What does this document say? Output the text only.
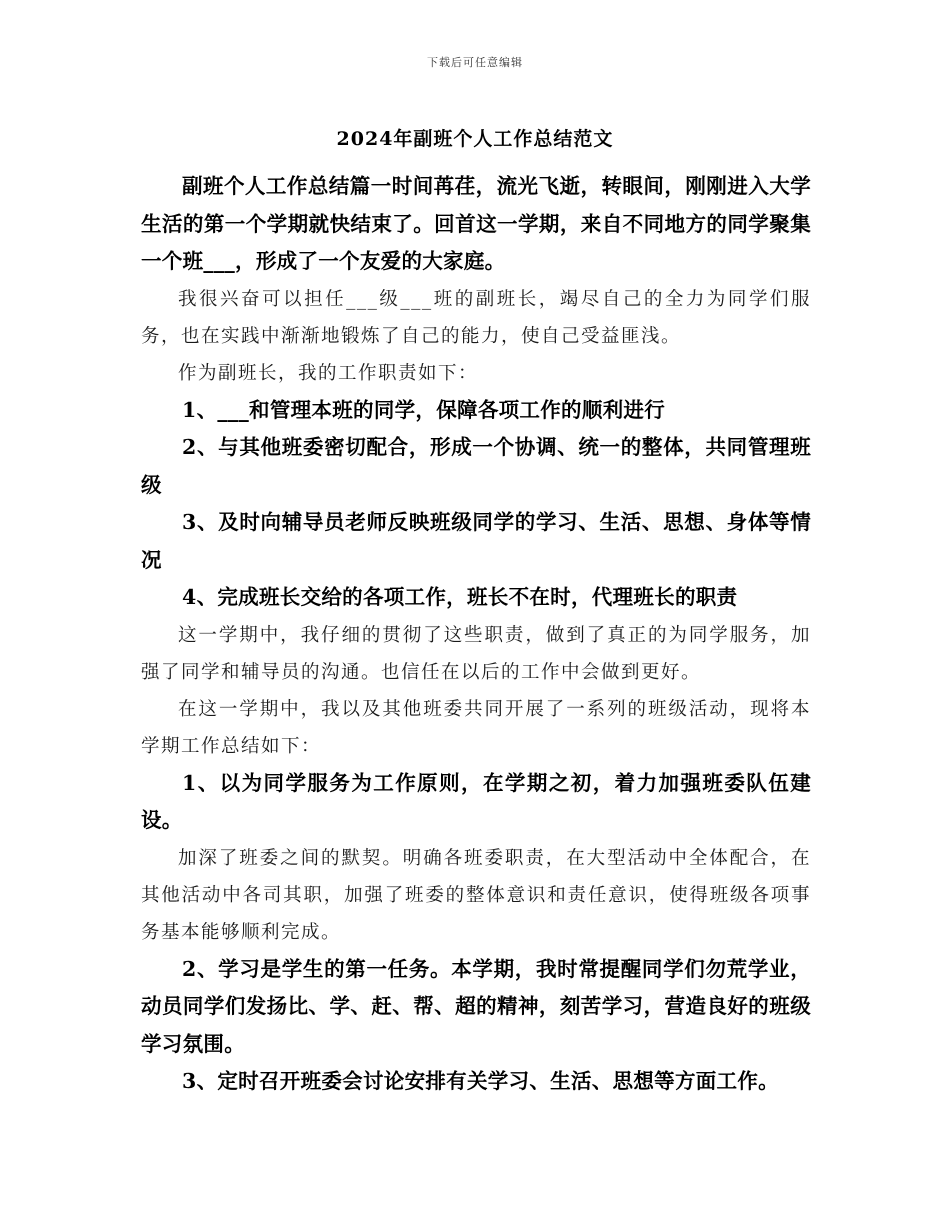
下载后可任意编辑
2024年副班个人工作总结范文

副班个人工作总结篇一时间苒荏，流光飞逝，转眼间，刚刚进入大学生活的第一个学期就快结束了。回首这一学期，来自不同地方的同学聚集一个班___，形成了一个友爱的大家庭。

我很兴奋可以担任___级___班的副班长，竭尽自己的全力为同学们服务，也在实践中渐渐地锻炼了自己的能力，使自己受益匪浅。

作为副班长，我的工作职责如下：

1、___和管理本班的同学，保障各项工作的顺利进行

2、与其他班委密切配合，形成一个协调、统一的整体，共同管理班级

3、及时向辅导员老师反映班级同学的学习、生活、思想、身体等情况

4、完成班长交给的各项工作，班长不在时，代理班长的职责

这一学期中，我仔细的贯彻了这些职责，做到了真正的为同学服务，加强了同学和辅导员的沟通。也信任在以后的工作中会做到更好。

在这一学期中，我以及其他班委共同开展了一系列的班级活动，现将本学期工作总结如下：

1、以为同学服务为工作原则，在学期之初，着力加强班委队伍建设。

加深了班委之间的默契。明确各班委职责，在大型活动中全体配合，在其他活动中各司其职，加强了班委的整体意识和责任意识，使得班级各项事务基本能够顺利完成。

2、学习是学生的第一任务。本学期，我时常提醒同学们勿荒学业，动员同学们发扬比、学、赶、帮、超的精神，刻苦学习，营造良好的班级学习氛围。

3、定时召开班委会讨论安排有关学习、生活、思想等方面工作。
